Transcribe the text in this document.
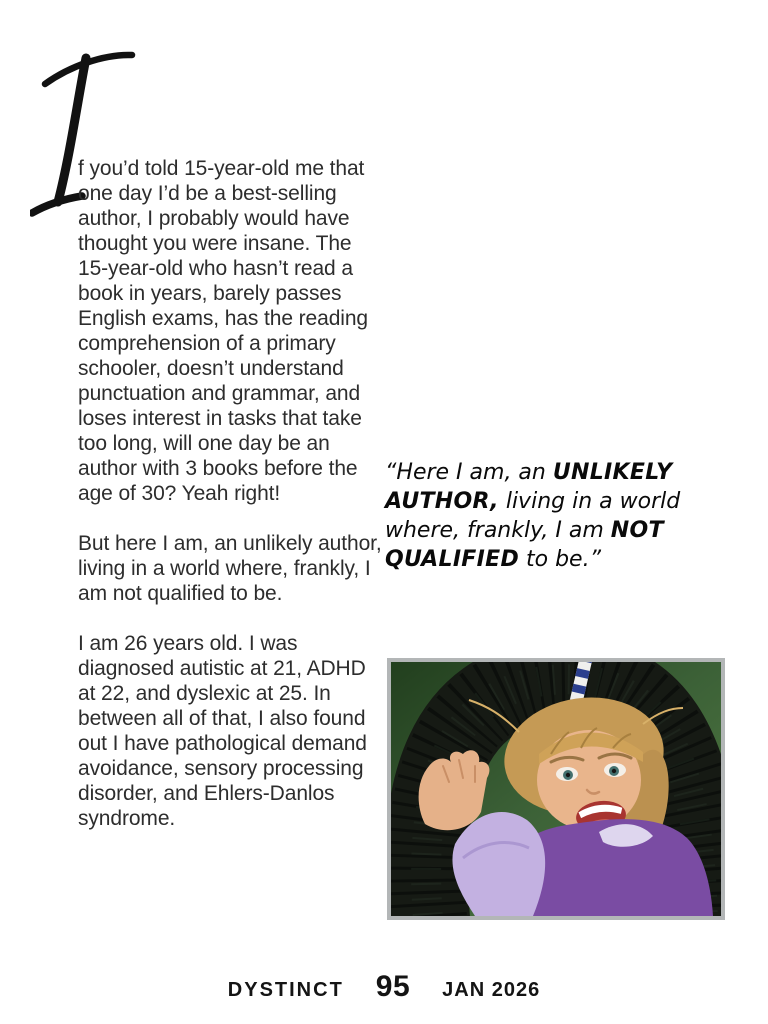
f you’d told 15-year-old me that one day I’d be a best-selling author, I probably would have thought you were insane. The 15-year-old who hasn’t read a book in years, barely passes English exams, has the reading comprehension of a primary schooler, doesn’t understand punctuation and grammar, and loses interest in tasks that take too long, will one day be an author with 3 books before the age of 30? Yeah right!

But here I am, an unlikely author, living in a world where, frankly, I am not qualified to be.

I am 26 years old. I was diagnosed autistic at 21, ADHD at 22, and dyslexic at 25. In between all of that, I also found out I have pathological demand avoidance, sensory processing disorder, and Ehlers-Danlos syndrome.

“Here I am, an UNLIKELY AUTHOR, living in a world where, frankly, I am NOT QUALIFIED to be.”

DYSTINCT 95 JAN 2026
